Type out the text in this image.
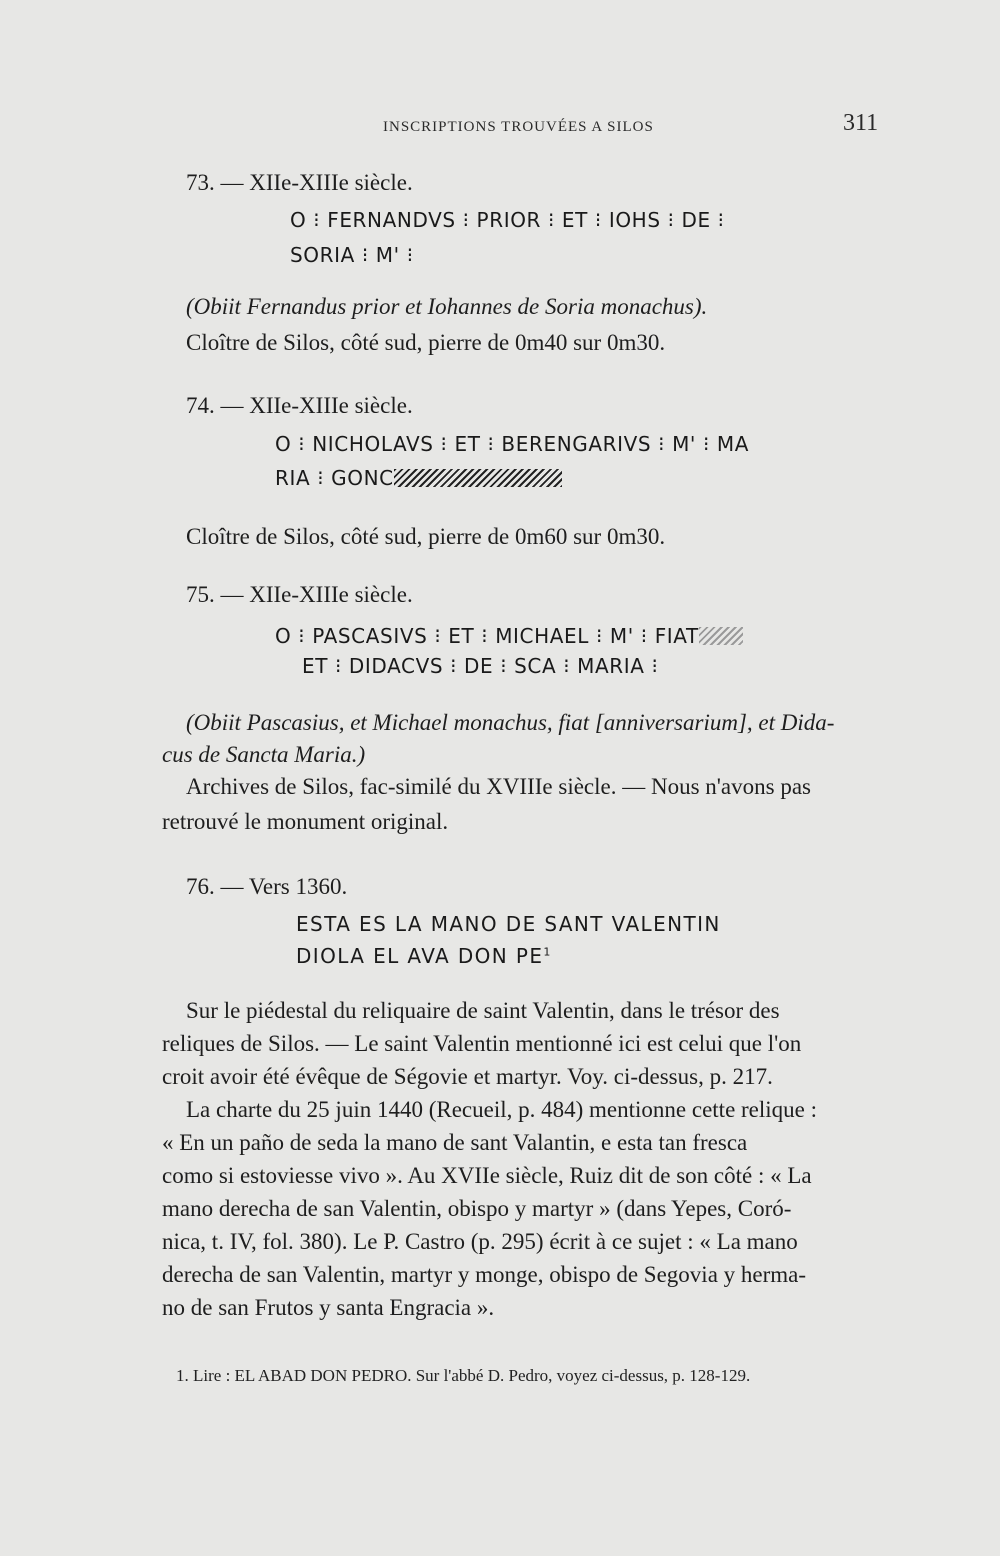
INSCRIPTIONS TROUVÉES A SILOS	311
73. — XIIe-XIIIe siècle.
O ⁝ FERNANDVS ⁝ PRIOR ⁝ ET ⁝ IOHS ⁝ DE ⁝
SORIA ⁝ M' ⁝
(Obiit Fernandus prior et Iohannes de Soria monachus).
Cloître de Silos, côté sud, pierre de 0m40 sur 0m30.
74. — XIIe-XIIIe siècle.
O ⁝ NICHOLAVS ⁝ ET ⁝ BERENGARIVS ⁝ M' ⁝ MA
RIA ⁝ GONC
Cloître de Silos, côté sud, pierre de 0m60 sur 0m30.
75. — XIIe-XIIIe siècle.
O ⁝ PASCASIVS ⁝ ET ⁝ MICHAEL ⁝ M' ⁝ FIAT
ET ⁝ DIDACVS ⁝ DE ⁝ SCA ⁝ MARIA ⁝
(Obiit Pascasius, et Michael monachus, fiat [anniversarium], et Dida-
cus de Sancta Maria.)
Archives de Silos, fac-similé du XVIIIe siècle. — Nous n'avons pas
retrouvé le monument original.
76. — Vers 1360.
ESTA ES LA MANO DE SANT VALENTIN
DIOLA EL AVA DON $PE^1$
Sur le piédestal du reliquaire de saint Valentin, dans le trésor des
reliques de Silos. — Le saint Valentin mentionné ici est celui que l'on
croit avoir été évêque de Ségovie et martyr. Voy. ci-dessus, p. 217.
La charte du 25 juin 1440 (Recueil, p. 484) mentionne cette relique :
« En un paño de seda la mano de sant Valantin, e esta tan fresca
como si estoviesse vivo ». Au XVIIe siècle, Ruiz dit de son côté : « La
mano derecha de san Valentin, obispo y martyr » (dans Yepes, Coró-
nica, t. IV, fol. 380). Le P. Castro (p. 295) écrit à ce sujet : « La mano
derecha de san Valentin, martyr y monge, obispo de Segovia y herma-
no de san Frutos y santa Engracia ».
1. Lire : EL ABAD DON PEDRO. Sur l'abbé D. Pedro, voyez ci-dessus, p. 128-129.
